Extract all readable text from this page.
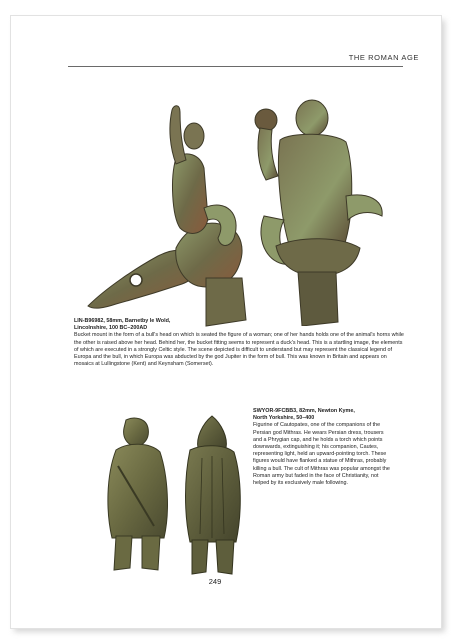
THE ROMAN AGE
LIN-B96982, 58mm, Barnetby le Wold,
Lincolnshire, 100 BC–200AD
Bucket mount in the form of a bull's head on which is seated the figure of a woman; one of her hands holds one of the animal's horns while the other is raised above her head. Behind her, the bucket fitting seems to represent a duck's head. This is a startling image, the elements of which are executed in a strongly Celtic style. The scene depicted is difficult to understand but may represent the classical legend of Europa and the bull, in which Europa was abducted by the god Jupiter in the form of bull. This was known in Britain and appears on mosaics at Lullingstone (Kent) and Keynsham (Somerset).
SWYOR-9FCBB3, 82mm, Newton Kyme,
North Yorkshire, 50–400
Figurine of Cautopates, one of the companions of the Persian god Mithras. He wears Persian dress, trousers and a Phrygian cap, and he holds a torch which points downwards, extinguishing it; his companion, Cautes, representing light, held an upward-pointing torch. These figures would have flanked a statue of Mithras, probably killing a bull. The cult of Mithras was popular amongst the Roman army but faded in the face of Christianity, not helped by its exclusively male following.
249
